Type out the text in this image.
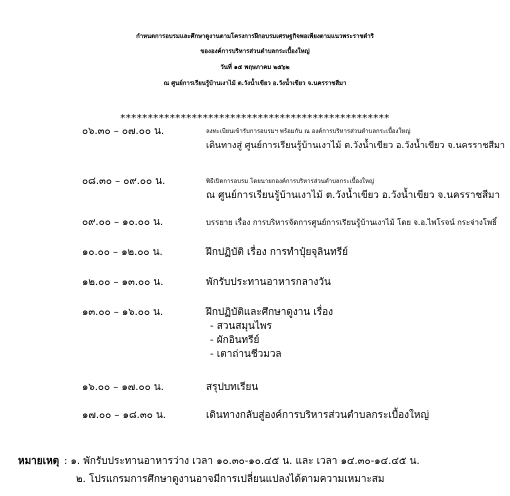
กำหนดการอบรมและศึกษาดูงานตามโครงการฝึกอบรมเศรษฐกิจพอเพียงตามแนวพระราชดำริ
ขององค์การบริหารส่วนตำบลกระเบื้องใหญ่
วันที่ ๑๕ พฤษภาคม ๒๕๖๒
ณ ศูนย์การเรียนรู้บ้านเงาไม้ ต.วังน้ำเขียว อ.วังน้ำเขียว จ.นครราชสีมา
*************************************************
๐๖.๓๐ – ๐๗.๐๐ น.	ลงทะเบียนเข้ารับการอบรมฯ พร้อมกัน ณ องค์การบริหารส่วนตำบลกระเบื้องใหญ่
เดินทางสู่ ศูนย์การเรียนรู้บ้านเงาไม้ ต.วังน้ำเขียว อ.วังน้ำเขียว จ.นครราชสีมา
๐๘.๓๐ – ๐๙.๐๐ น.	พิธีเปิดการอบรม โดยนายกองค์การบริหารส่วนตำบลกระเบื้องใหญ่
ณ ศูนย์การเรียนรู้บ้านเงาไม้ ต.วังน้ำเขียว อ.วังน้ำเขียว จ.นครราชสีมา
๐๙.๐๐ – ๑๐.๐๐ น.	บรรยาย เรื่อง การบริหารจัดการศูนย์การเรียนรู้บ้านเงาไม้ โดย จ.อ.ไพโรจน์ กระจ่างโพธิ์
๑๐.๐๐ – ๑๒.๐๐ น.	ฝึกปฏิบัติ เรื่อง การทำปุ๋ยจุลินทรีย์
๑๒.๐๐ – ๑๓.๐๐ น.	พักรับประทานอาหารกลางวัน
๑๓.๐๐ – ๑๖.๐๐ น.	ฝึกปฏิบัติและศึกษาดูงาน เรื่อง
- สวนสมุนไพร
- ผักอินทรีย์
- เตาถ่านชีวมวล
๑๖.๐๐ – ๑๗.๐๐ น.	สรุปบทเรียน
๑๗.๐๐ – ๑๘.๓๐ น.	เดินทางกลับสู่องค์การบริหารส่วนตำบลกระเบื้องใหญ่
หมายเหตุ : ๑. พักรับประทานอาหารว่าง เวลา ๑๐.๓๐-๑๐.๔๕ น. และ เวลา ๑๔.๓๐-๑๔.๔๕ น.
๒. โปรแกรมการศึกษาดูงานอาจมีการเปลี่ยนแปลงได้ตามความเหมาะสม
